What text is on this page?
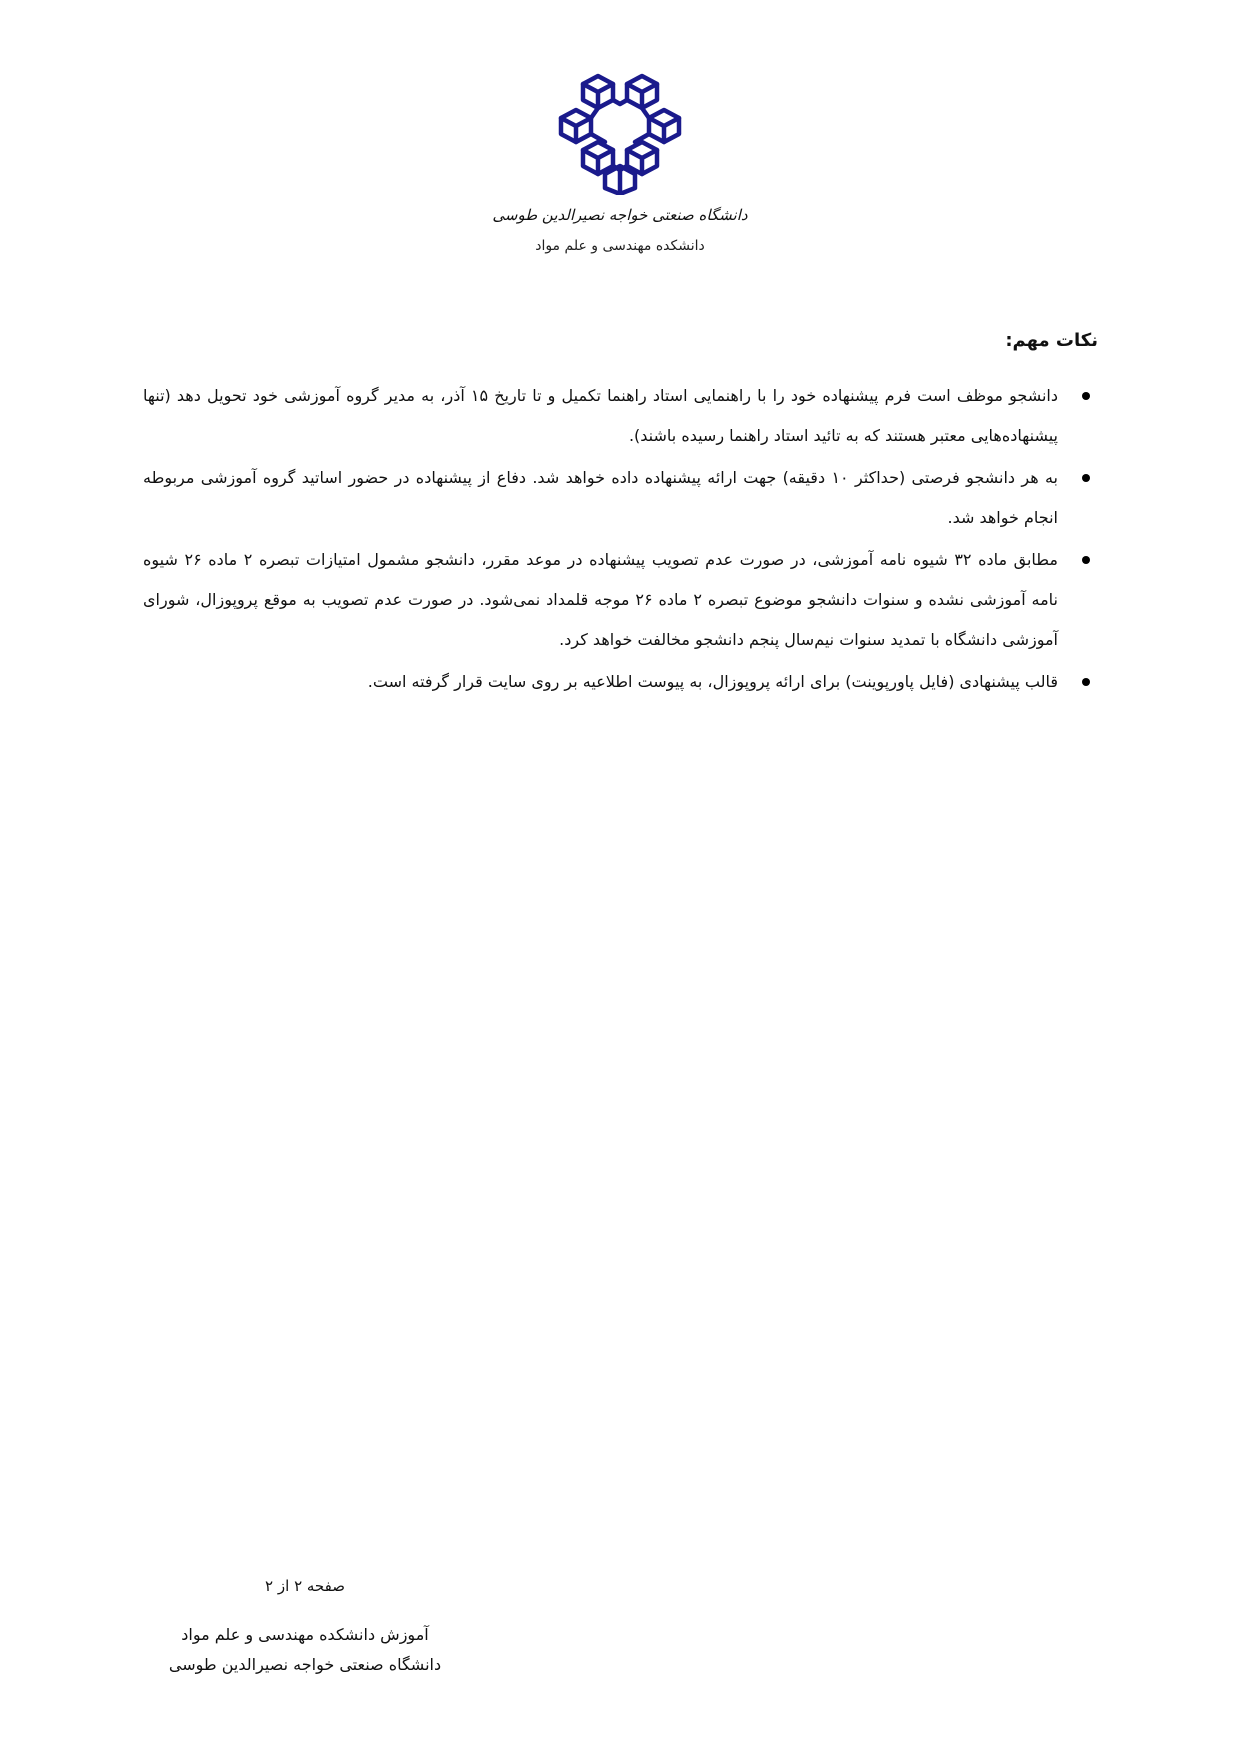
دانشگاه صنعتی خواجه نصیرالدین طوسی
دانشکده مهندسی و علم مواد
نکات مهم:
دانشجو موظف است فرم پیشنهاده خود را با راهنمایی استاد راهنما تکمیل و تا تاریخ ۱۵ آذر، به مدیر گروه آموزشی خود تحویل دهد (تنها پیشنهاده‌هایی معتبر هستند که به تائید استاد راهنما رسیده باشند).
به هر دانشجو فرصتی (حداکثر ۱۰ دقیقه) جهت ارائه پیشنهاده داده خواهد شد. دفاع از پیشنهاده در حضور اساتید گروه آموزشی مربوطه انجام خواهد شد.
مطابق ماده ۳۲ شیوه نامه آموزشی، در صورت عدم تصویب پیشنهاده در موعد مقرر، دانشجو مشمول امتیازات تبصره ۲ ماده ۲۶ شیوه نامه آموزشی نشده و سنوات دانشجو موضوع تبصره ۲ ماده ۲۶ موجه قلمداد نمی‌شود. در صورت عدم تصویب به موقع پروپوزال، شورای آموزشی دانشگاه با تمدید سنوات نیم‌سال پنجم دانشجو مخالفت خواهد کرد.
قالب پیشنهادی (فایل پاورپوینت) برای ارائه پروپوزال، به پیوست اطلاعیه بر روی سایت قرار گرفته است.
صفحه ۲ از ۲
آموزش دانشکده مهندسی و علم مواد
دانشگاه صنعتی خواجه نصیرالدین طوسی
